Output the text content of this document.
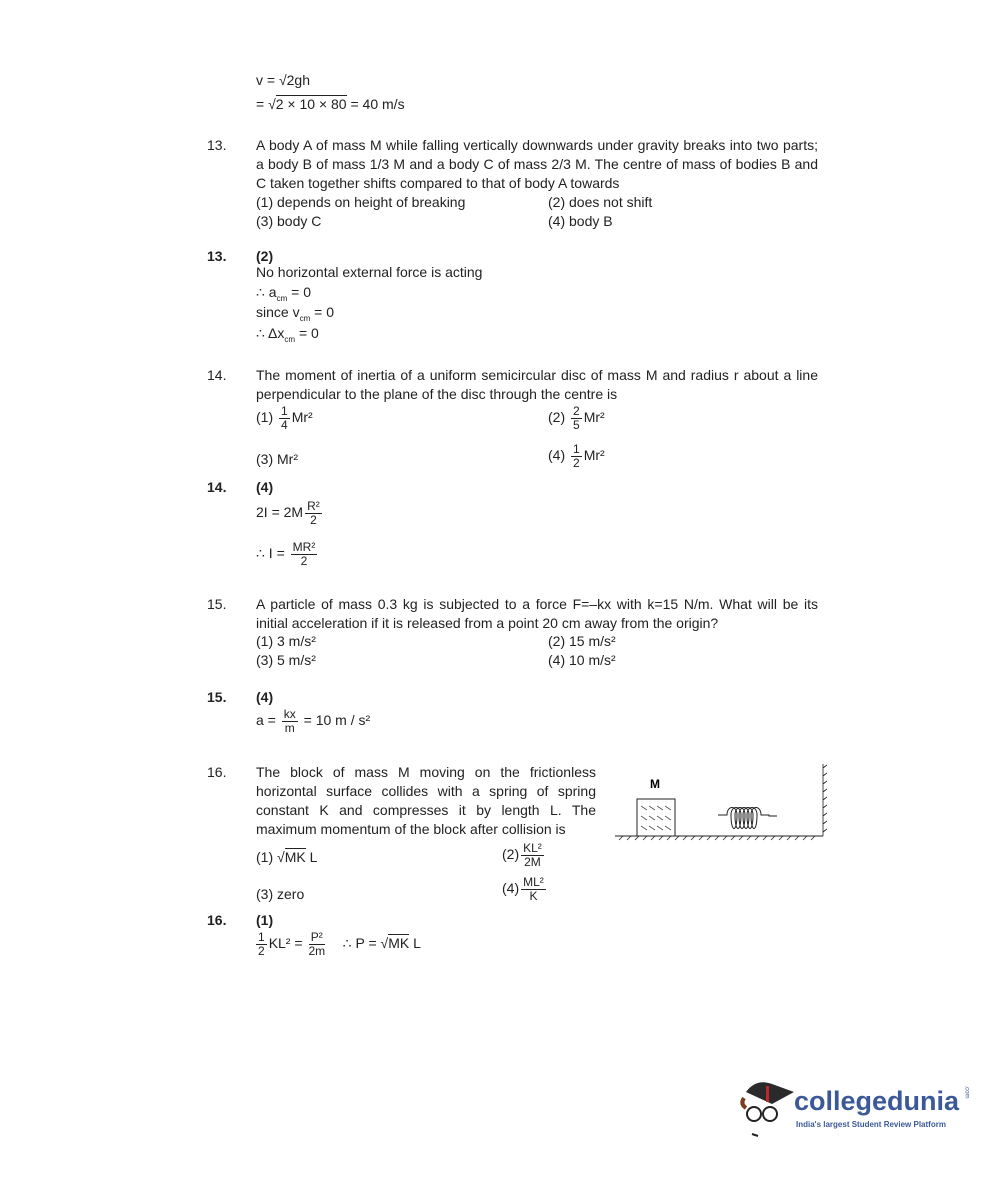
v = √2gh
= √2 × 10 × 80 = 40 m/s
13. A body A of mass M while falling vertically downwards under gravity breaks into two parts; a body B of mass 1/3 M and a body C of mass 2/3 M. The centre of mass of bodies B and C taken together shifts compared to that of body A towards
(1) depends on height of breaking	(2) does not shift
(3) body C	(4) body B
13. (2)
No horizontal external force is acting
∴ $a_{cm} = 0$
since $v_{cm} = 0$
∴ $\Delta x_{cm} = 0$
14. The moment of inertia of a uniform semicircular disc of mass M and radius r about a line perpendicular to the plane of the disc through the centre is
$(1) \frac{1}{4} Mr^2$	$(2) \frac{2}{5} Mr^2$
(3) Mr²	$(4) \frac{1}{2} Mr^2$
14. (4)
$2I = 2M \frac{\text{R²}}{2}$
∴ $I = \frac{\text{MR²}}{2}$
15. A particle of mass 0.3 kg is subjected to a force F=–kx with k=15 N/m. What will be its initial acceleration if it is released from a point 20 cm away from the origin?
(1) 3 m/s²	(2) 15 m/s²
(3) 5 m/s²	(4) 10 m/s²
15. (4)
$a = \frac{kx}{m} = 10$ m / s²
16. The block of mass M moving on the frictionless horizontal surface collides with a spring of spring constant K and compresses it by length L. The maximum momentum of the block after collision is
M
(1) √MK L	$(2) \frac{\text{KL²}}{2M}$
(3) zero	$(4) \frac{\text{ML²}}{K}$
16. (1)
$\frac{1}{2} KL^2 = \frac{\text{P²}}{2m}$ ∴ P = √MK L
collegedunia .com
India's largest Student Review Platform
